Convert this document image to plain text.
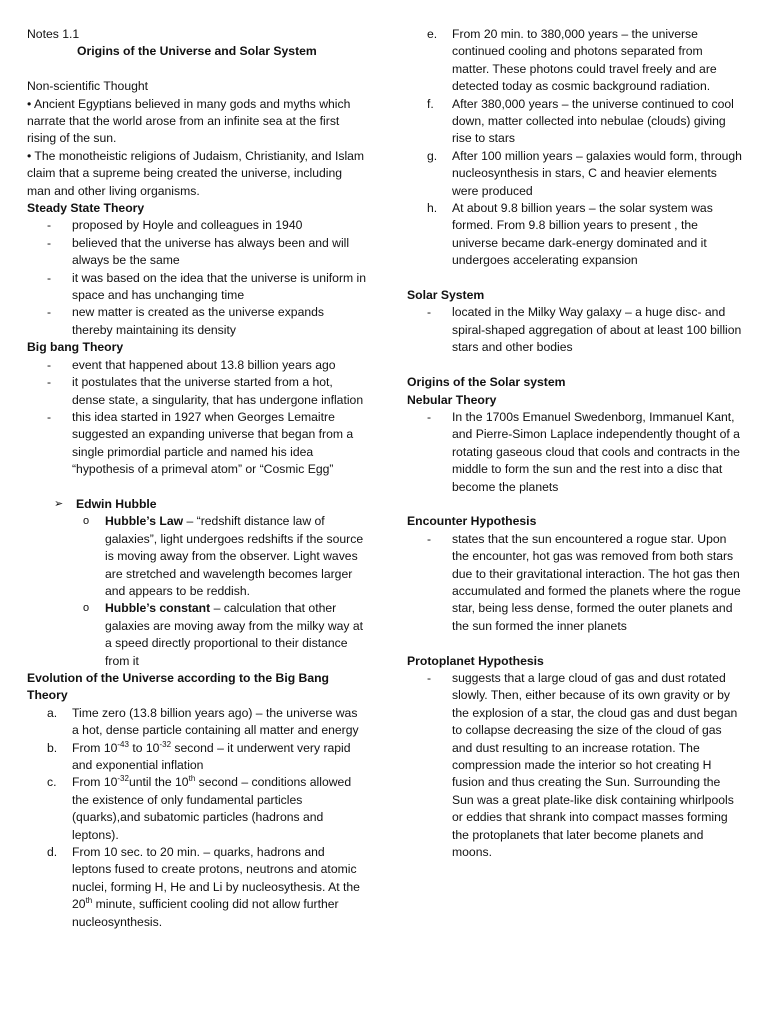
Notes 1.1

Origins of the Universe and Solar System

Non-scientific Thought

• Ancient Egyptians believed in many gods and myths which narrate that the world arose from an infinite sea at the first rising of the sun.

• The monotheistic religions of Judaism, Christianity, and Islam claim that a supreme being created the universe, including man and other living organisms.

Steady State Theory

-	proposed by Hoyle and colleagues in 1940
-	believed that the universe has always been and will always be the same
-	it was based on the idea that the universe is uniform in space and has unchanging time
-	new matter is created as the universe expands thereby maintaining its density

Big bang Theory

-	event that happened about 13.8 billion years ago
-	it postulates that the universe started from a hot, dense state, a singularity, that has undergone inflation
-	this idea started in 1927 when Georges Lemaitre suggested an expanding universe that began from a single primordial particle and named his idea “hypothesis of a primeval atom” or “Cosmic Egg”
➢	Edwin Hubble
o	Hubble’s Law – “redshift distance law of galaxies”, light undergoes redshifts if the source is moving away from the observer. Light waves are stretched and wavelength becomes larger and appears to be reddish.
o	Hubble’s constant – calculation that other galaxies are moving away from the milky way at a speed directly proportional to their distance from it

Evolution of the Universe according to the Big Bang Theory

a.	Time zero (13.8 billion years ago) – the universe was a hot, dense particle containing all matter and energy
b.	From $10^{-43}$ to $10^{-32}$ second – it underwent very rapid and exponential inflation
c.	From $10^{-32}until$ the 10th second – conditions allowed the existence of only fundamental particles (quarks),and subatomic particles (hadrons and leptons).
d.	From 10 sec. to 20 min. – quarks, hadrons and leptons fused to create protons, neutrons and atomic nuclei, forming H, He and Li by nucleosythesis. At the 20th minute, sufficient cooling did not allow further nucleosynthesis.
e.	From 20 min. to 380,000 years – the universe continued cooling and photons separated from matter. These photons could travel freely and are detected today as cosmic background radiation.
f.	After 380,000 years – the universe continued to cool down, matter collected into nebulae (clouds) giving rise to stars
g.	After 100 million years – galaxies would form, through nucleosynthesis in stars, C and heavier elements were produced
h.	At about 9.8 billion years – the solar system was formed. From 9.8 billion years to present , the universe became dark-energy dominated and it undergoes accelerating expansion

Solar System

-	located in the Milky Way galaxy – a huge disc- and spiral-shaped aggregation of about at least 100 billion stars and other bodies

Origins of the Solar system

Nebular Theory

-	In the 1700s Emanuel Swedenborg, Immanuel Kant, and Pierre-Simon Laplace independently thought of a rotating gaseous cloud that cools and contracts in the middle to form the sun and the rest into a disc that become the planets

Encounter Hypothesis

-	states that the sun encountered a rogue star. Upon the encounter, hot gas was removed from both stars due to their gravitational interaction. The hot gas then accumulated and formed the planets where the rogue star, being less dense, formed the outer planets and the sun formed the inner planets

Protoplanet Hypothesis

-	suggests that a large cloud of gas and dust rotated slowly. Then, either because of its own gravity or by the explosion of a star, the cloud gas and dust began to collapse decreasing the size of the cloud of gas and dust resulting to an increase rotation. The compression made the interior so hot creating H fusion and thus creating the Sun. Surrounding the Sun was a great plate-like disk containing whirlpools or eddies that shrank into compact masses forming the protoplanets that later become planets and moons.
